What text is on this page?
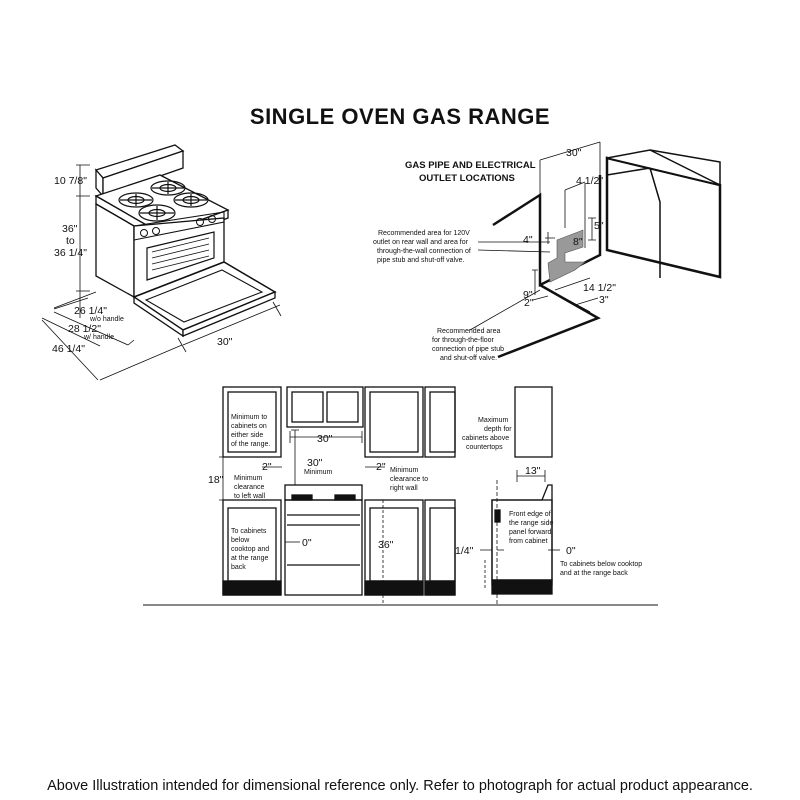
SINGLE OVEN GAS RANGE
10 7/8"
36"
to
36 1/4"
26 1/4"
w/o handle
28 1/2"
w/ handle
46 1/4"
30"
GAS PIPE AND ELECTRICAL
OUTLET LOCATIONS
30"
4 1/2"
5"
4"	8"
9"
2"
14 1/2"
3"
Recommended area for 120V
outlet on rear wall and area for
through-the-wall connection of
pipe stub and shut-off valve.
Recommended area
for through-the-floor
connection of pipe stub
and shut-off valve.
Minimum to
cabinets on
either side
of the range.	30"
30"
Minimum
18"
2"	2"
Minimum
clearance
to left wall
Minimum
clearance to
right wall
To cabinets
below
cooktop and
at the range
back
0"	36"
Maximum
depth for
cabinets above
countertops
13"
Front edge of
the range side
panel forward
from cabinet
1/4"	0"
To cabinets below cooktop
and at the range back
Above Illustration intended for dimensional reference only. Refer to photograph for actual product appearance.
